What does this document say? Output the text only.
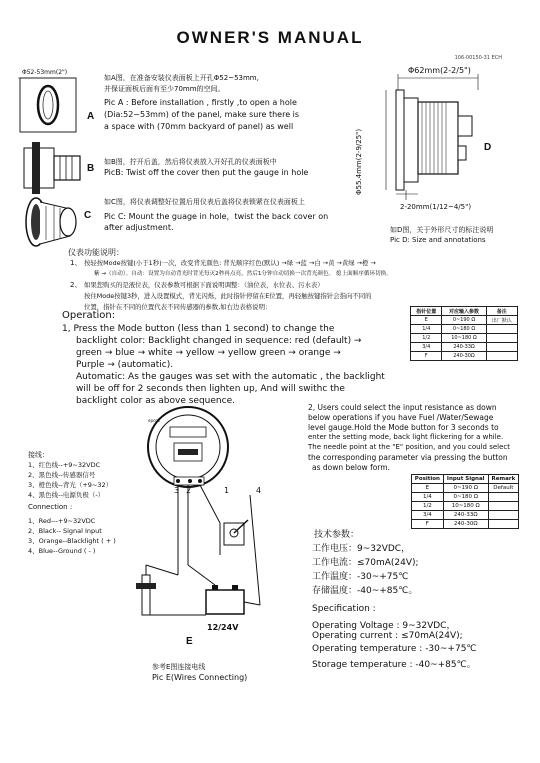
OWNER'S MANUAL
106-00150-31 ECH
Φ52-53mm(2")
A
如A图，在准备安装仪表面板上开孔Φ52~53mm,
并保证面板后面有至少70mm的空间。
Pic A : Before installation , firstly ,to open a hole
(Dia:52~53mm) of the panel, make sure there is
a space with (70mm backyard of panel) as well
B
如B图，拧开后盖，然后将仪表放入开好孔的仪表面板中
PicB: Twist off the cover then put the gauge in hole
C
如C图，将仪表调整好位置后用仪表后盖将仪表锁紧在仪表面板上
Pic C: Mount the guage in hole，twist the back cover on
after adjustment.
Φ62mm(2-2/5")
Φ55.4mm(2-9/25")	D
2-20mm(1/12~4/5")
如D图，关于外形尺寸的标注说明
Pic D: Size and annotations
仪表功能说明：
1、 按轻按Mode按键(小于1秒)一次，改变背光颜色: 背光顺序红色(默认) →绿 →蓝 →白 →黄 →黄绿 →橙 →
紫 →（自动）。自动：设置为自动背光时背光每灭2秒再点亮，然后1分钟自动切换一次背光颜色。 熄上面顺序循环切换。
2、 如果您购买的是液位表，仪表参数可根据下面说明调整：（油位表，水位表、污水表）
按住Mode按键3秒，进入设置模式，背光闪烁，此时指针停留在E位置，再轻触按键指针会指向不同的
位置，指针在不同的位置代表不同传感器的参数,如右边表格说明：
指针位置	对应输入参数	备注
E	0~190 Ω	出厂默认
1/4	0~180 Ω	
1/2	10~180 Ω	
3/4	240-33Ω	
F	240-30Ω	
Operation:
1, Press the Mode button (less than 1 second) to change the
backlight color: Backlight changed in sequence: red (default) →
green → blue → white → yellow → yellow green → orange →
Purple → (automatic).
Automatic: As the gauges was set with the automatic , the backlight
will be off for 2 seconds then lighten up, And will swithc the
backlight color as above sequence.
2, Users could select the input resistance as down
below operations if you have Fuel /Water/Sewage
level gauge.Hold the Mode button for 3 seconds to
enter the setting mode, back light flickering for a while.
The needle point at the "E" position, and you could select
the corresponding parameter via pressing the button
as down below form.
Position	Input Signal	Remark
E	0~190 Ω	Default
1/4	0~180 Ω	
1/2	10~180 Ω	
3/4	240-33Ω	
F	240-30Ω	
接线：
1、红色线--+9~32VDC
2、黑色线--传感器信号
3、橙色线--背光（+9~32）
4、黑色线--电源负极（-）
Connection :
1、Red---+9~32VDC
2、Black-- Signal Input
3、Orange--Blacklight ( + )
4、Blue--Ground ( - )
epcgs
3 2	1	4
12/24V
E
参考E图连接电线
Pic E(Wires Connecting)
技术参数：
工作电压：9~32VDC，
工作电流：≤70mA(24V);
工作温度：-30~+75℃
存储温度：-40~+85℃。
Specification :
Operating Voltage : 9~32VDC，
Operating current : ≤70mA(24V);
Operating temperature : -30~+75℃
Storage temperature : -40~+85℃。
